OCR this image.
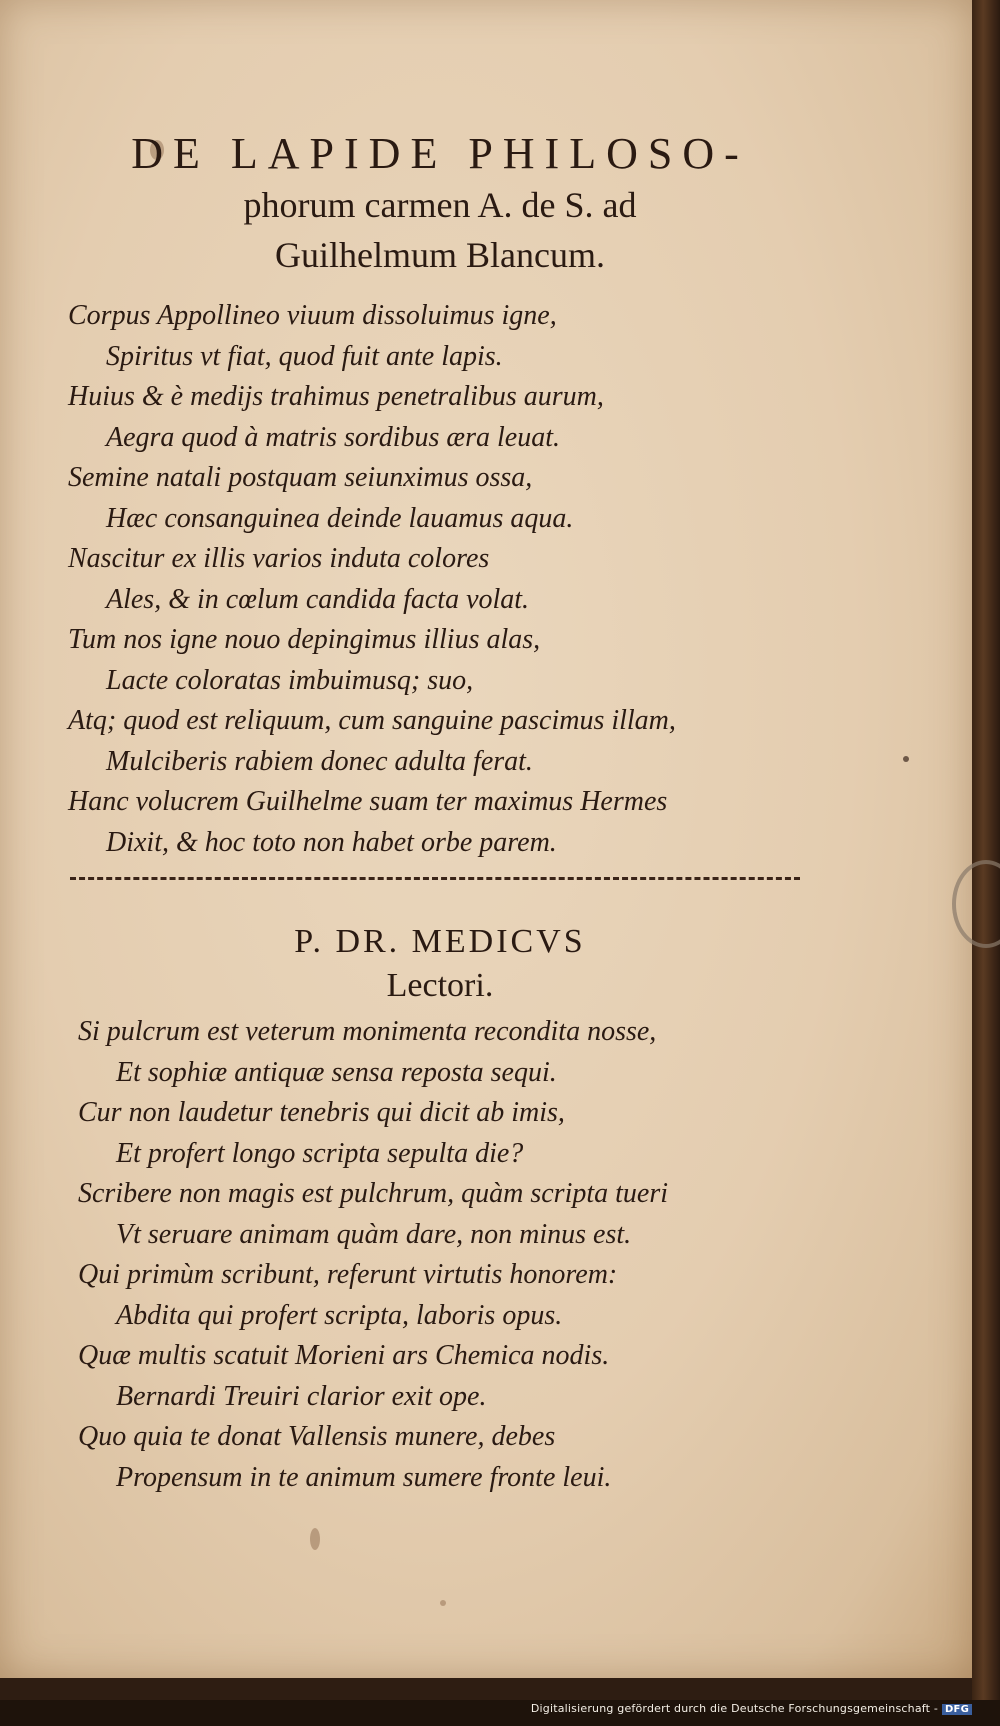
DE LAPIDE PHILOSO-
phorum carmen A. de S. ad
Guilhelmum Blancum.
Corpus Appollineo viuum dissoluimus igne,
Spiritus vt fiat, quod fuit ante lapis.
Huius & è medijs trahimus penetralibus aurum,
Aegra quod à matris sordibus æra leuat.
Semine natali postquam seiunximus ossa,
Hæc consanguinea deinde lauamus aqua.
Nascitur ex illis varios induta colores
Ales, & in cœlum candida facta volat.
Tum nos igne nouo depingimus illius alas,
Lacte coloratas imbuimusq; suo,
Atq; quod est reliquum, cum sanguine pascimus illam,
Mulciberis rabiem donec adulta ferat.
Hanc volucrem Guilhelme suam ter maximus Hermes
Dixit, & hoc toto non habet orbe parem.
P. DR. MEDICVS
Lectori.
Si pulcrum est veterum monimenta recondita nosse,
Et sophiæ antiquæ sensa reposta sequi.
Cur non laudetur tenebris qui dicit ab imis,
Et profert longo scripta sepulta die?
Scribere non magis est pulchrum, quàm scripta tueri
Vt seruare animam quàm dare, non minus est.
Qui primùm scribunt, referunt virtutis honorem:
Abdita qui profert scripta, laboris opus.
Quæ multis scatuit Morieni ars Chemica nodis.
Bernardi Treuiri clarior exit ope.
Quo quia te donat Vallensis munere, debes
Propensum in te animum sumere fronte leui.
Digitalisierung gefördert durch die Deutsche Forschungsgemeinschaft - DFG
